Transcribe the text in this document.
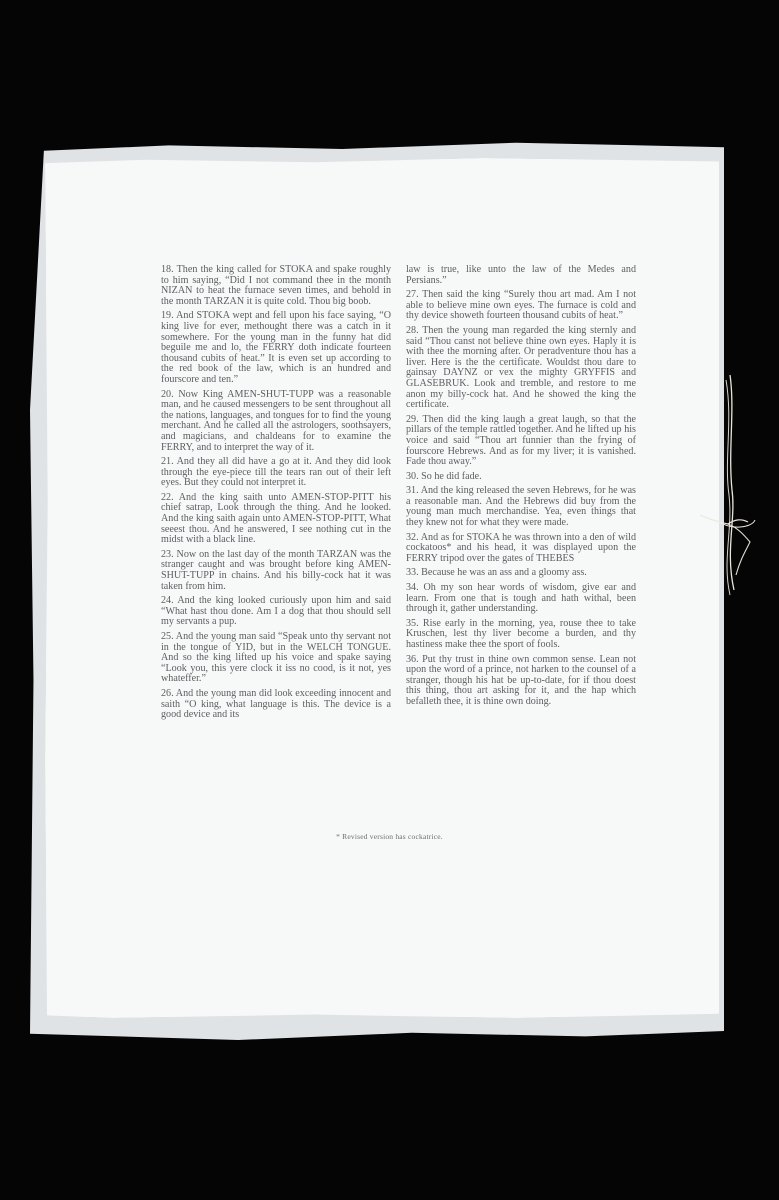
18. Then the king called for STOKA and spake roughly to him saying, “Did I not command thee in the month NIZAN to heat the furnace seven times, and behold in the month TARZAN it is quite cold. Thou big boob.

19. And STOKA wept and fell upon his face saying, “O king live for ever, methought there was a catch in it somewhere. For the young man in the funny hat did beguile me and lo, the FERRY doth indicate fourteen thousand cubits of heat.” It is even set up according to the red book of the law, which is an hundred and fourscore and ten.”

20. Now King AMEN-SHUT-TUPP was a reasonable man, and he caused messengers to be sent throughout all the nations, languages, and tongues for to find the young merchant. And he called all the astrologers, soothsayers, and magicians, and chaldeans for to examine the FERRY, and to interpret the way of it.

21. And they all did have a go at it. And they did look through the eye-piece till the tears ran out of their left eyes. But they could not interpret it.

22. And the king saith unto AMEN-STOP-PITT his chief satrap, Look through the thing. And he looked. And the king saith again unto AMEN-STOP-PITT, What seeest thou. And he answered, I see nothing cut in the midst with a black line.

23. Now on the last day of the month TARZAN was the stranger caught and was brought before king AMEN-SHUT-TUPP in chains. And his billy-cock hat it was taken from him.

24. And the king looked curiously upon him and said “What hast thou done. Am I a dog that thou should sell my servants a pup.

25. And the young man said “Speak unto thy servant not in the tongue of YID, but in the WELCH TONGUE. And so the king lifted up his voice and spake saying “Look you, this yere clock it iss no cood, is it not, yes whateffer.”

26. And the young man did look exceeding innocent and saith “O king, what language is this. The device is a good device and its

law is true, like unto the law of the Medes and Persians.”

27. Then said the king “Surely thou art mad. Am I not able to believe mine own eyes. The furnace is cold and thy device showeth fourteen thousand cubits of heat.”

28. Then the young man regarded the king sternly and said “Thou canst not believe thine own eyes. Haply it is with thee the morning after. Or peradventure thou has a liver. Here is the the certificate. Wouldst thou dare to gainsay DAYNZ or vex the mighty GRYFFIS and GLASEBRUK. Look and tremble, and restore to me anon my billy-cock hat. And he showed the king the certificate.

29. Then did the king laugh a great laugh, so that the pillars of the temple rattled together. And he lifted up his voice and said “Thou art funnier than the frying of fourscore Hebrews. And as for my liver; it is vanished. Fade thou away.”

30. So he did fade.

31. And the king released the seven Hebrews, for he was a reasonable man. And the Hebrews did buy from the young man much merchandise. Yea, even things that they knew not for what they were made.

32. And as for STOKA he was thrown into a den of wild cockatoos* and his head, it was displayed upon the FERRY tripod over the gates of THEBES

33. Because he was an ass and a gloomy ass.

34. Oh my son hear words of wisdom, give ear and learn. From one that is tough and hath withal, been through it, gather understanding.

35. Rise early in the morning, yea, rouse thee to take Kruschen, lest thy liver become a burden, and thy hastiness make thee the sport of fools.

36. Put thy trust in thine own common sense. Lean not upon the word of a prince, not harken to the counsel of a stranger, though his hat be up-to-date, for if thou doest this thing, thou art asking for it, and the hap which befalleth thee, it is thine own doing.

* Revised version has cockatrice.
